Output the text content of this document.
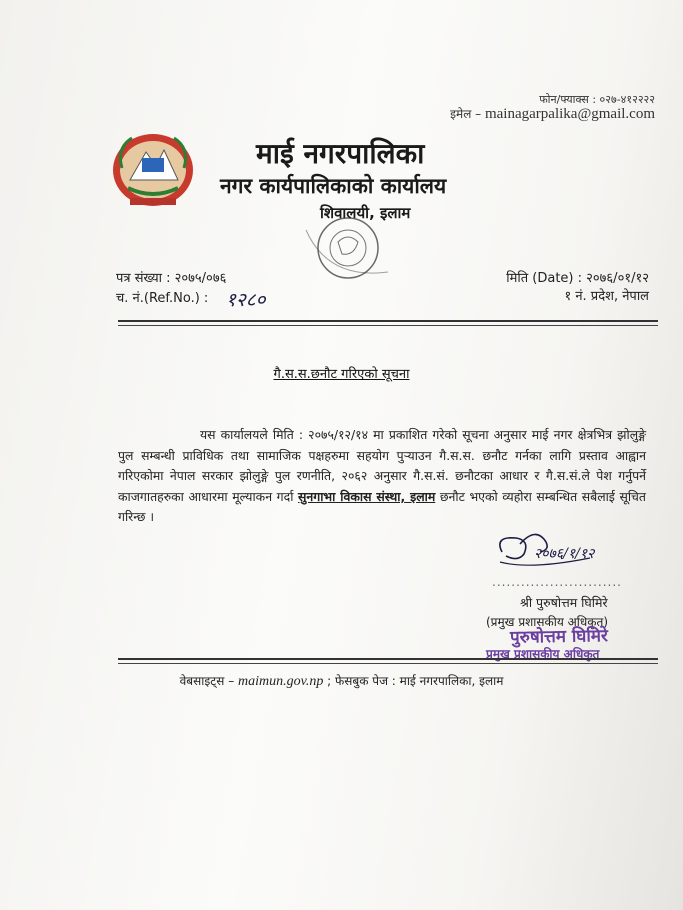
फोन/फ्याक्स : ०२७-४१२२२२
इमेल – mainagarpalika@gmail.com
माई नगरपालिका
नगर कार्यपालिकाको कार्यालय
शिवालयी, इलाम
पत्र संख्या : २०७५/०७६
च. नं.(Ref.No.) : १२८०
मिति (Date) : २०७६/०१/१२
१ नं. प्रदेश, नेपाल
गै.स.स.छनौट गरिएको सूचना
यस कार्यालयले मिति : २०७५/१२/१४ मा प्रकाशित गरेको सूचना अनुसार माई नगर क्षेत्रभित्र झोलुङ्गे पुल सम्बन्धी प्राविधिक तथा सामाजिक पक्षहरुमा सहयोग पुर्‍याउन गै.स.स. छनौट गर्नका लागि प्रस्ताव आह्वान गरिएकोमा नेपाल सरकार झोलुङ्गे पुल रणनीति, २०६२ अनुसार गै.स.सं. छनौटका आधार र गै.स.सं.ले पेश गर्नुपर्ने काजगातहरुका आधारमा मूल्याकन गर्दा सुनगाभा विकास संस्था, इलाम छनौट भएको व्यहोरा सम्बन्धित सबैलाई सूचित गरिन्छ ।
२०७६/१/१२
...........................
श्री पुरुषोत्तम घिमिरे
(प्रमुख प्रशासकीय अधिकृत)
पुरुषोत्तम घिमिरे
प्रमुख प्रशासकीय अधिकृत
वेबसाइट्स – maimun.gov.np ; फेसबुक पेज : माई नगरपालिका, इलाम
